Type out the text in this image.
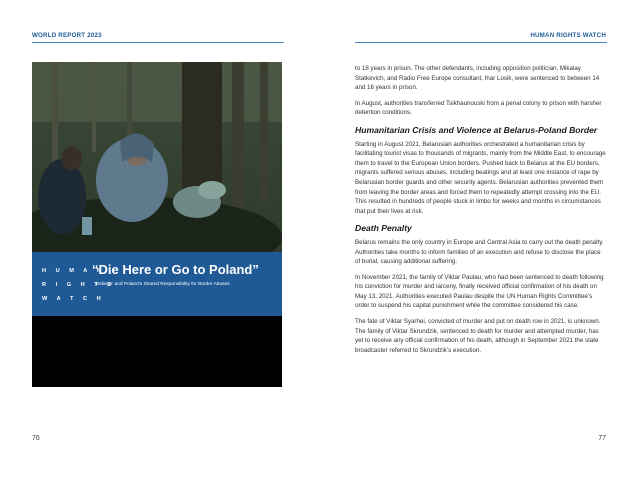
WORLD REPORT 2023
H U M A N
R I G H T S
W A T C H
“Die Here or Go to Poland”
Belarus’ and Poland’s Shared Responsibility for Border Abuses
76
HUMAN RIGHTS WATCH

to 18 years in prison. The other defendants, including opposition politician, Mikalay Statkevich, and Radio Free Europe consultant, Ihar Losik, were sentenced to between 14 and 16 years in prison.

In August, authorities transferred Tsikhaunouski from a penal colony to prison with harsher detention conditions.

Humanitarian Crisis and Violence at Belarus-Poland Border

Starting in August 2021, Belarusian authorities orchestrated a humanitarian crisis by facilitating tourist visas to thousands of migrants, mainly from the Middle East, to encourage them to travel to the European Union borders. Pushed back to Belarus at the EU borders, migrants suffered serious abuses, including beatings and at least one instance of rape by Belarusian border guards and other security agents. Belarusian authorities prevented them from leaving the border areas and forced them to repeatedly attempt crossing into the EU. This resulted in hundreds of people stuck in limbo for weeks and months in circumstances that put their lives at risk.

Death Penalty

Belarus remains the only country in Europe and Central Asia to carry out the death penalty. Authorities take months to inform families of an execution and refuse to disclose the place of burial, causing additional suffering.

In November 2021, the family of Viktar Paulau, who had been sentenced to death following his conviction for murder and larceny, finally received official confirmation of his death on May 13, 2021. Authorities executed Paulau despite the UN Human Rights Committee’s order to suspend his capital punishment while the committee considered his case.

The fate of Viktar Syarhei, convicted of murder and put on death row in 2021, is unknown. The family of Viktar Skrundzik, sentenced to death for murder and attempted murder, has yet to receive any official confirmation of his death, although in September 2021 the state broadcaster referred to Skrundzik’s execution.

77
